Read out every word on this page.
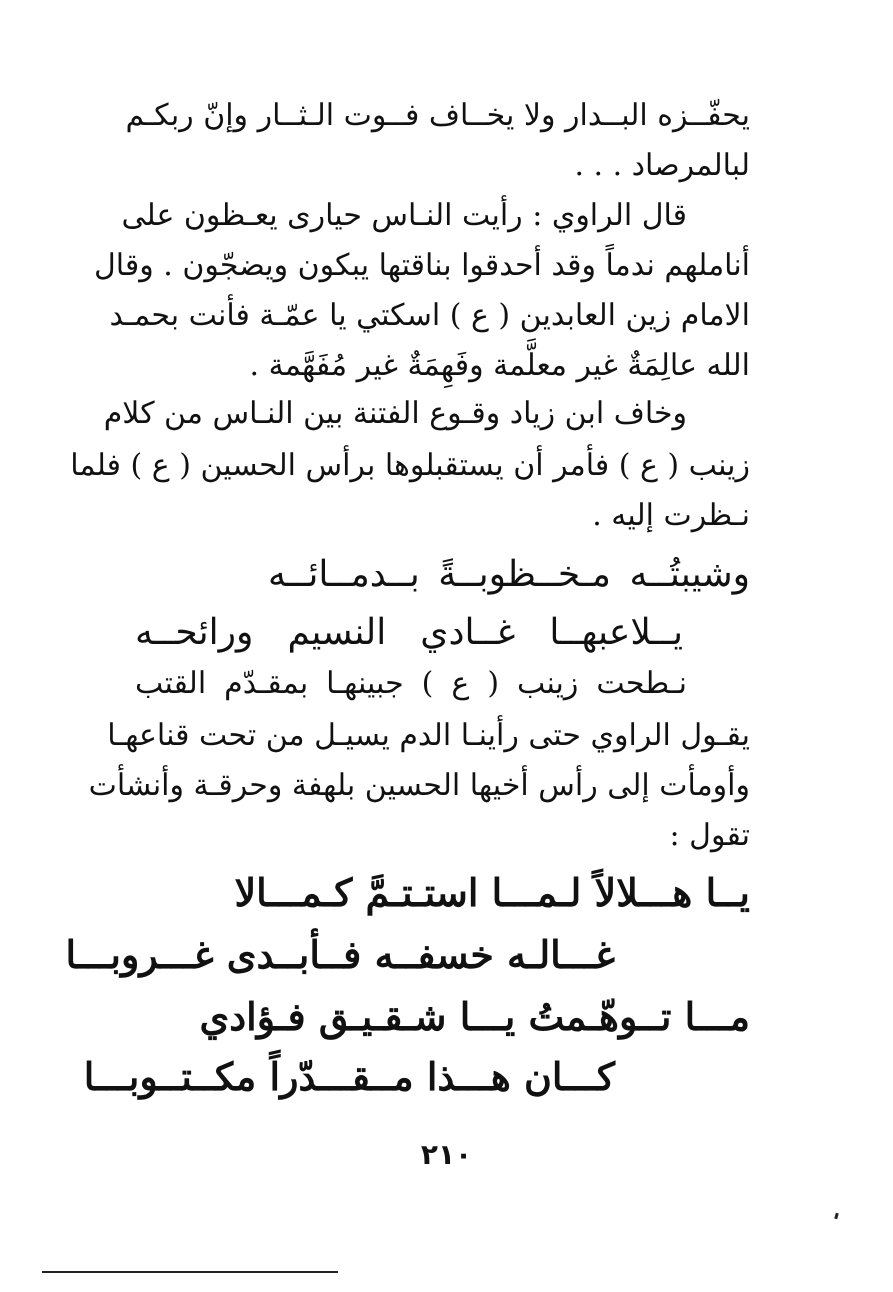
يحفّــزه البــدار ولا يخــاف فــوت الـثــار وإنّ ربكـم
لبالمرصاد . . .
قال الراوي : رأيت النـاس حيارى يعـظون على
أناملهم ندماً وقد أحدقوا بناقتها يبكون ويضجّون . وقال
الامام زين العابدين ( ع ) اسكتي يا عمّـة فأنت بحمـد
الله عالِمَةٌ غير معلَّمة وفَهِمَةٌ غير مُفَهَّمة .
وخاف ابن زياد وقـوع الفتنة بين النـاس من كلام
زينب ( ع ) فأمر أن يستقبلوها برأس الحسين ( ع ) فلما
نـظرت إليه .
وشيبتُــه مـخــظوبــةً بــدمــائــه
يــلاعبهــا غــادي النسيم ورائحــه
نـطحت زينب ( ع ) جبينهـا بمقـدّم القتب
يقـول الراوي حتى رأينـا الدم يسيـل من تحت قناعهـا
وأومأت إلى رأس أخيها الحسين بلهفة وحرقـة وأنشأت
تقول :
يــا هـــلالاً لـمـــا استـتـمَّ كـمـــالا
غـــالـه خسفــه فــأبــدى غـــروبـــا
مـــا تــوهّـمتُ يـــا شـقـيـق فـؤادي
كـــان هـــذا مــقـــدّراً مكــتــوبـــا
٢١٠
